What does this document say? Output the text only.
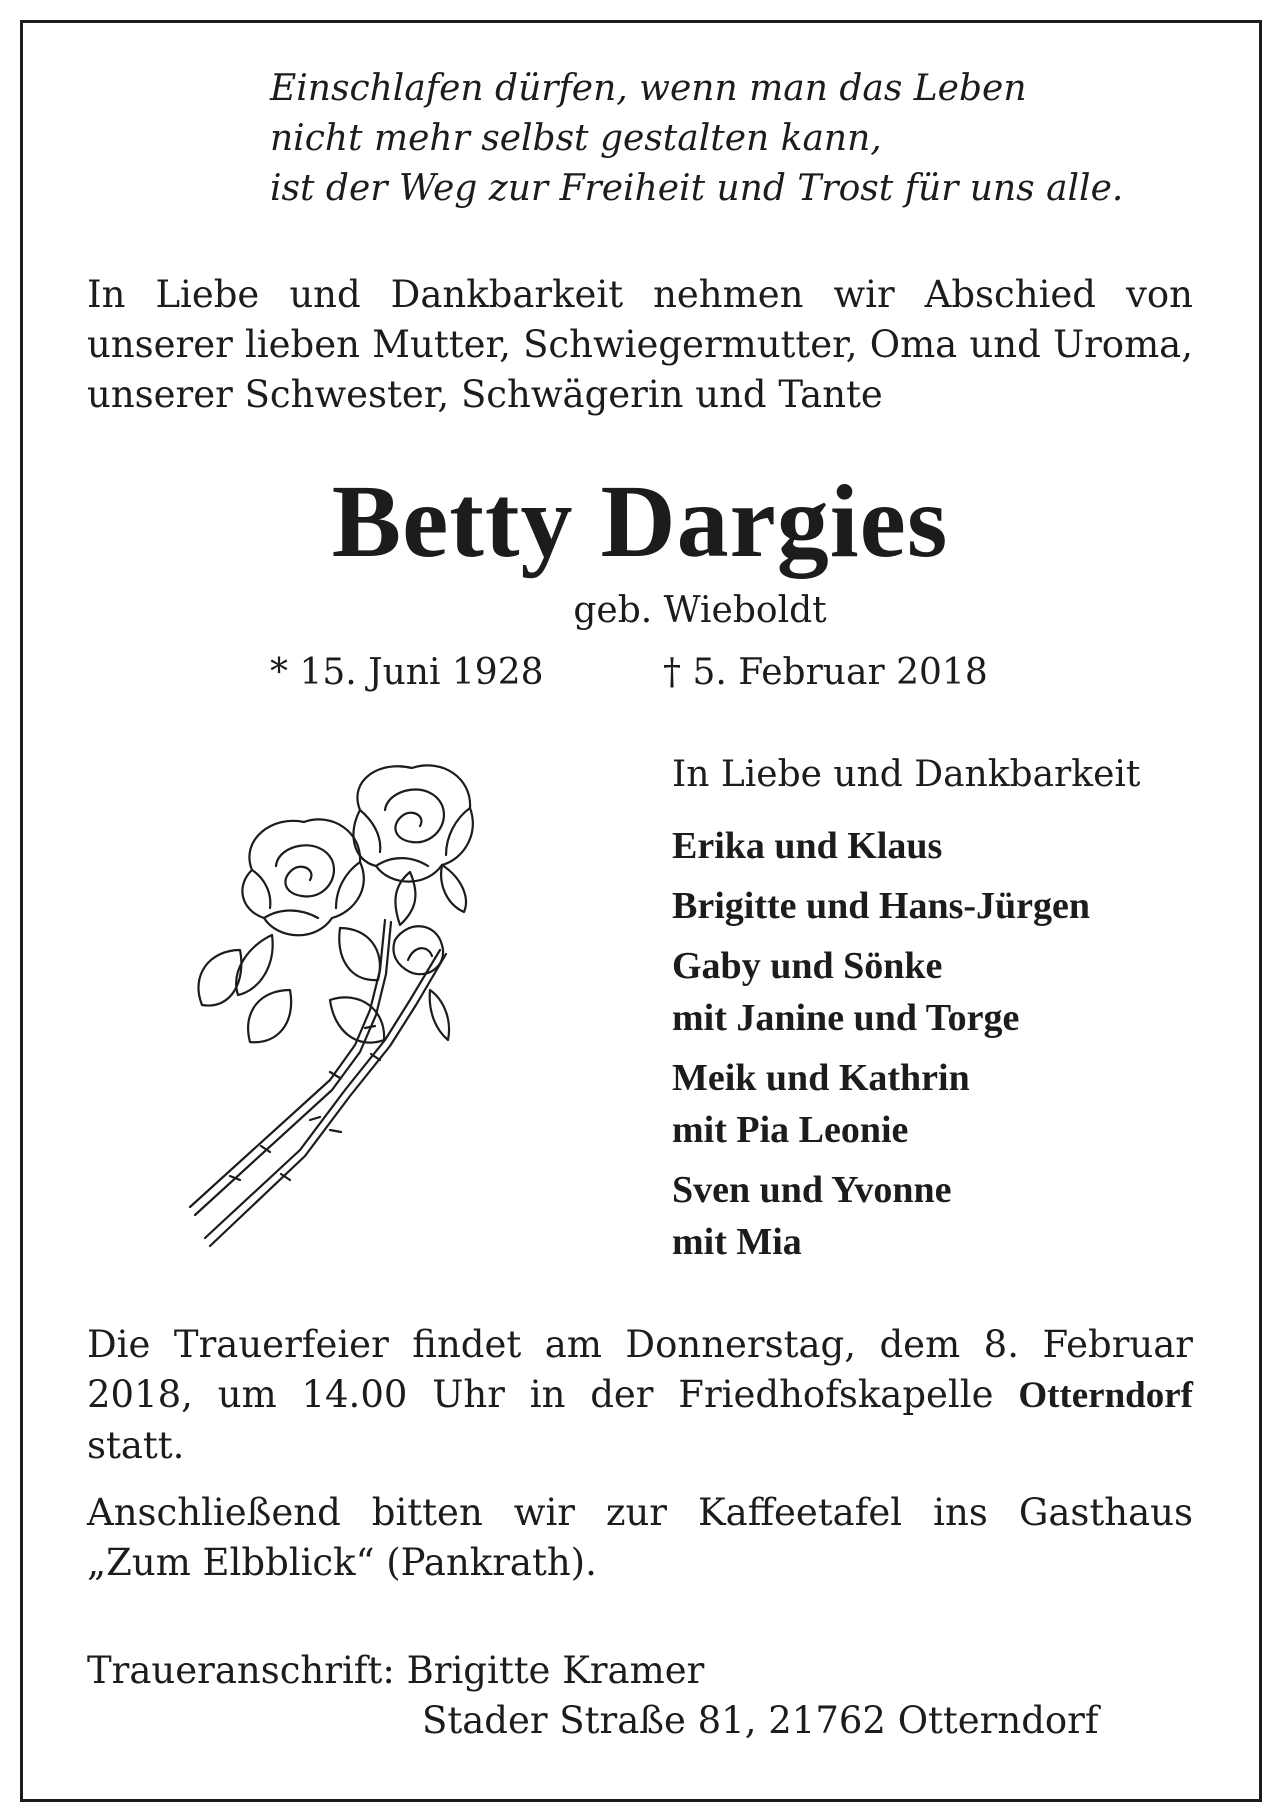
Einschlafen dürfen, wenn man das Leben
nicht mehr selbst gestalten kann,
ist der Weg zur Freiheit und Trost für uns alle.
In Liebe und Dankbarkeit nehmen wir Abschied von unserer lieben Mutter, Schwiegermutter, Oma und Uroma, unserer Schwester, Schwägerin und Tante
Betty Dargies
geb. Wieboldt
* 15. Juni 1928	† 5. Februar 2018
In Liebe und Dankbarkeit
Erika und Klaus
Brigitte und Hans-Jürgen
Gaby und Sönke
mit Janine und Torge
Meik und Kathrin
mit Pia Leonie
Sven und Yvonne
mit Mia
Die Trauerfeier findet am Donnerstag, dem 8. Februar 2018, um 14.00 Uhr in der Friedhofskapelle Otterndorf statt.
Anschließend bitten wir zur Kaffeetafel ins Gasthaus „Zum Elbblick“ (Pankrath).
Traueranschrift: Brigitte Kramer
Stader Straße 81, 21762 Otterndorf
